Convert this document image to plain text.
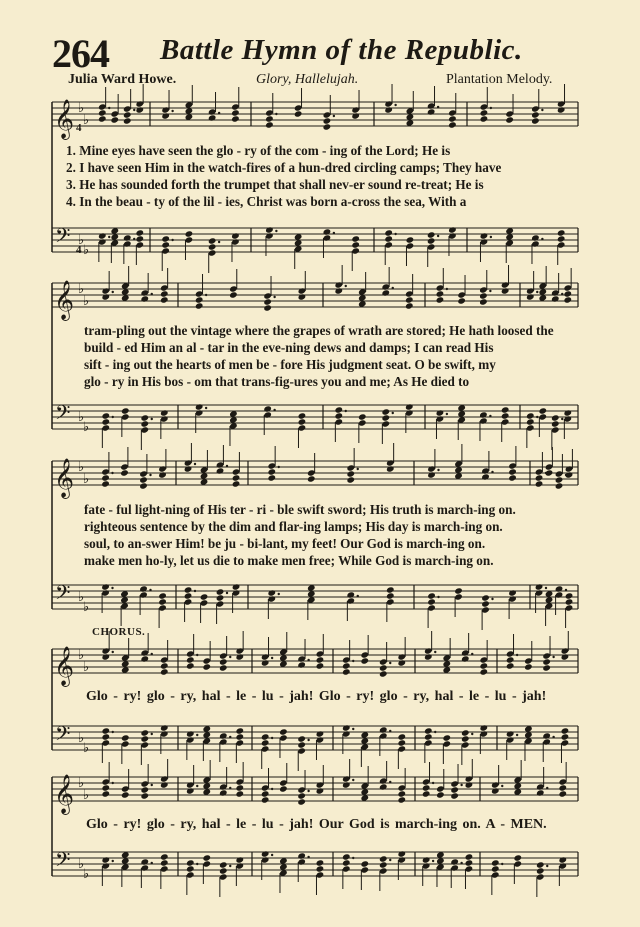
264 Battle Hymn of the Republic.
Julia Ward Howe.	Glory, Hallelujah.	Plantation Melody.
𝄞
𝄢
♭
♭
♭
♭
𝄞
𝄢
♭
♭
♭
♭
𝄞
𝄢
♭
♭
♭
♭
𝄞
𝄢
♭
♭
♭
♭
𝄞
𝄢
♭
♭
♭
♭
4
4
1. Mine eyes have seen the glo - ry of the com - ing of the Lord; He is
2. I have seen Him in the watch-fires of a hun-dred circling camps; They have
3. He has sounded forth the trumpet that shall nev-er sound re-treat; He is
4. In the beau - ty of the lil - ies, Christ was born a-cross the sea, With a
tram-pling out the vintage where the grapes of wrath are stored; He hath loosed the
build - ed Him an al - tar in the eve-ning dews and damps; I can read His
sift - ing out the hearts of men be - fore His judgment seat. O be swift, my
glo - ry in His bos - om that trans-fig-ures you and me; As He died to
fate - ful light-ning of His ter - ri - ble swift sword; His truth is march-ing on.
righteous sentence by the dim and flar-ing lamps; His day is march-ing on.
soul, to an-swer Him! be ju - bi-lant, my feet! Our God is march-ing on.
make men ho-ly, let us die to make men free; While God is march-ing on.
CHORUS.
Glo - ry! glo - ry, hal - le - lu - jah! Glo - ry! glo - ry, hal - le - lu - jah!
Glo - ry! glo - ry, hal - le - lu - jah! Our God is march-ing on. A - MEN.
